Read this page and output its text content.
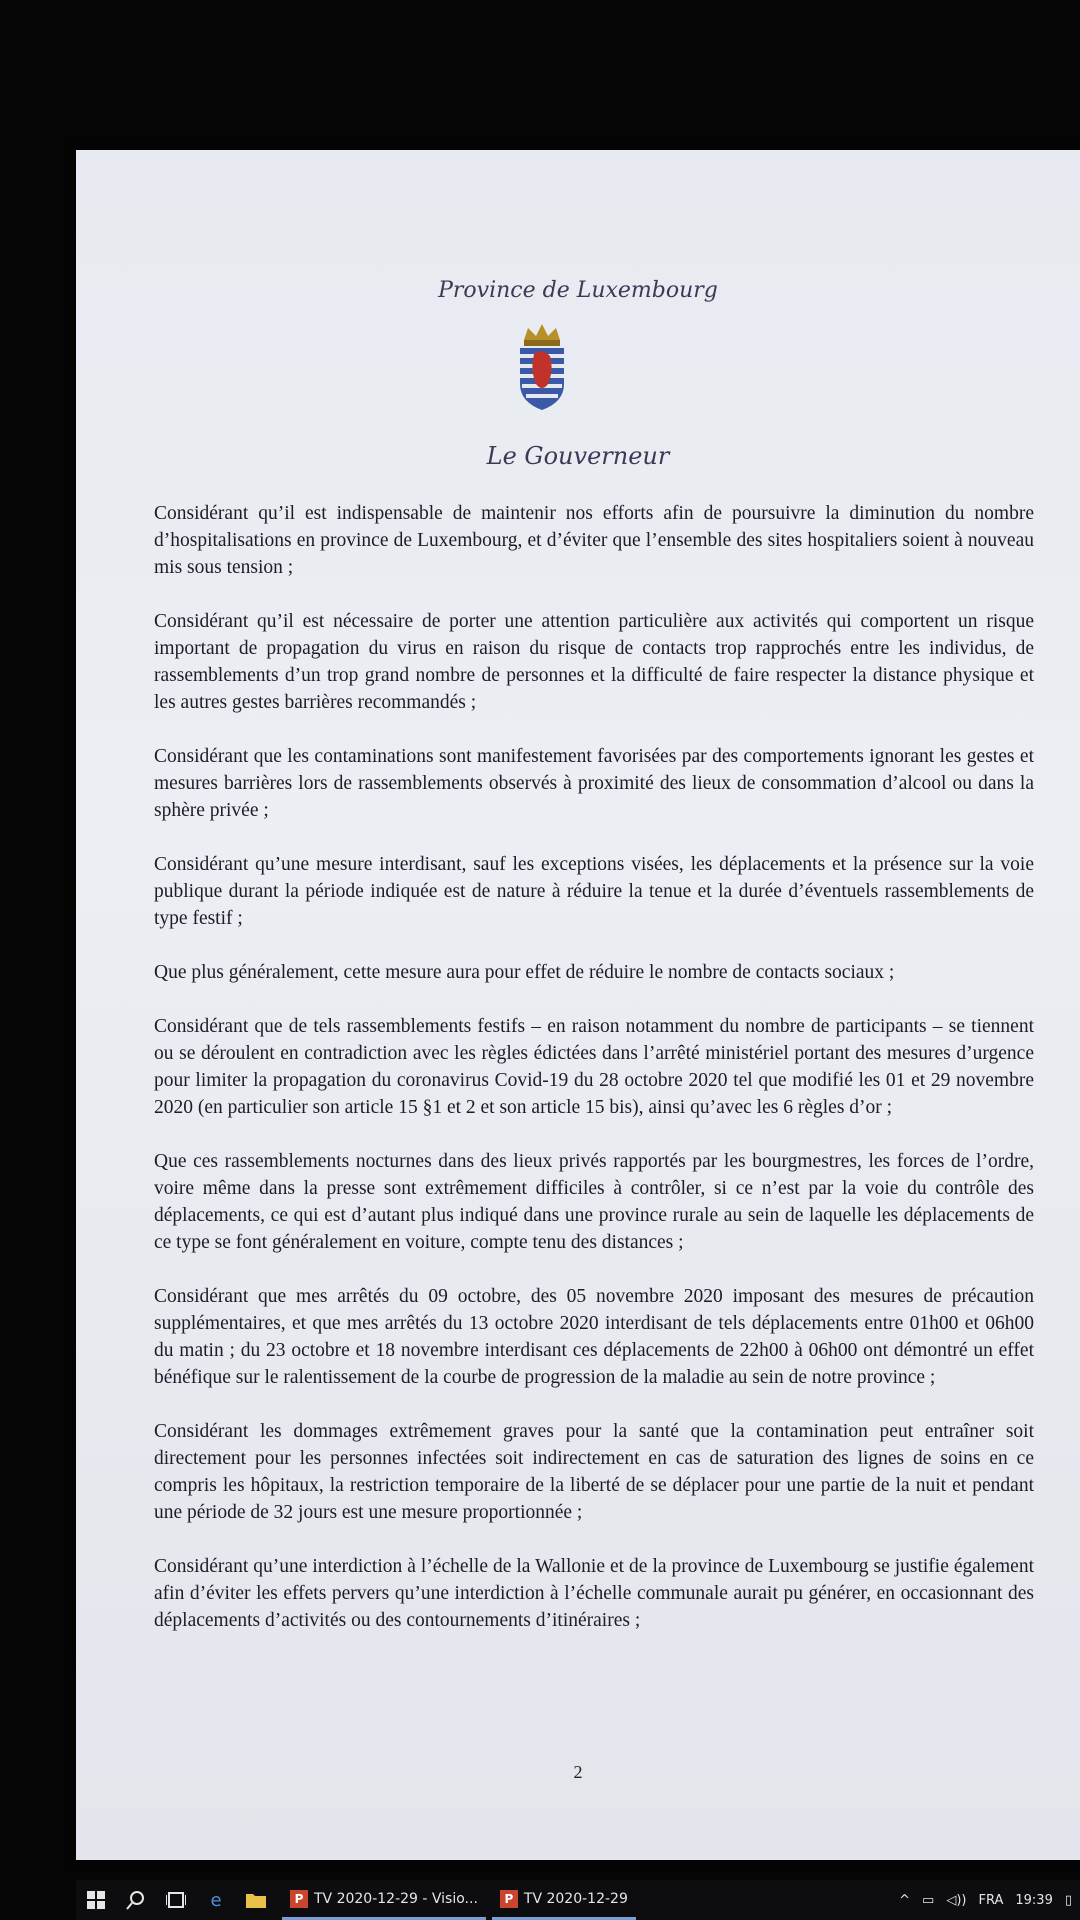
Province de Luxembourg
Le Gouverneur

Considérant qu’il est indispensable de maintenir nos efforts afin de poursuivre la diminution du nombre d’hospitalisations en province de Luxembourg, et d’éviter que l’ensemble des sites hospitaliers soient à nouveau mis sous tension ;

Considérant qu’il est nécessaire de porter une attention particulière aux activités qui comportent un risque important de propagation du virus en raison du risque de contacts trop rapprochés entre les individus, de rassemblements d’un trop grand nombre de personnes et la difficulté de faire respecter la distance physique et les autres gestes barrières recommandés ;

Considérant que les contaminations sont manifestement favorisées par des comportements ignorant les gestes et mesures barrières lors de rassemblements observés à proximité des lieux de consommation d’alcool ou dans la sphère privée ;

Considérant qu’une mesure interdisant, sauf les exceptions visées, les déplacements et la présence sur la voie publique durant la période indiquée est de nature à réduire la tenue et la durée d’éventuels rassemblements de type festif ;

Que plus généralement, cette mesure aura pour effet de réduire le nombre de contacts sociaux ;

Considérant que de tels rassemblements festifs – en raison notamment du nombre de participants – se tiennent ou se déroulent en contradiction avec les règles édictées dans l’arrêté ministériel portant des mesures d’urgence pour limiter la propagation du coronavirus Covid-19 du 28 octobre 2020 tel que modifié les 01 et 29 novembre 2020 (en particulier son article 15 §1 et 2 et son article 15 bis), ainsi qu’avec les 6 règles d’or ;

Que ces rassemblements nocturnes dans des lieux privés rapportés par les bourgmestres, les forces de l’ordre, voire même dans la presse sont extrêmement difficiles à contrôler, si ce n’est par la voie du contrôle des déplacements, ce qui est d’autant plus indiqué dans une province rurale au sein de laquelle les déplacements de ce type se font généralement en voiture, compte tenu des distances ;

Considérant que mes arrêtés du 09 octobre, des 05 novembre 2020 imposant des mesures de précaution supplémentaires, et que mes arrêtés du 13 octobre 2020 interdisant de tels déplacements entre 01h00 et 06h00 du matin ; du 23 octobre et 18 novembre interdisant ces déplacements de 22h00 à 06h00 ont démontré un effet bénéfique sur le ralentissement de la courbe de progression de la maladie au sein de notre province ;

Considérant les dommages extrêmement graves pour la santé que la contamination peut entraîner soit directement pour les personnes infectées soit indirectement en cas de saturation des lignes de soins en ce compris les hôpitaux, la restriction temporaire de la liberté de se déplacer pour une partie de la nuit et pendant une période de 32 jours est une mesure proportionnée ;

Considérant qu’une interdiction à l’échelle de la Wallonie et de la province de Luxembourg se justifie également afin d’éviter les effets pervers qu’une interdiction à l’échelle communale aurait pu générer, en occasionnant des déplacements d’activités ou des contournements d’itinéraires ;

2
e	P TV 2020-12-29 - Visio...	P TV 2020-12-29	^ ▭ ◁)) FRA 19:39 ▯
